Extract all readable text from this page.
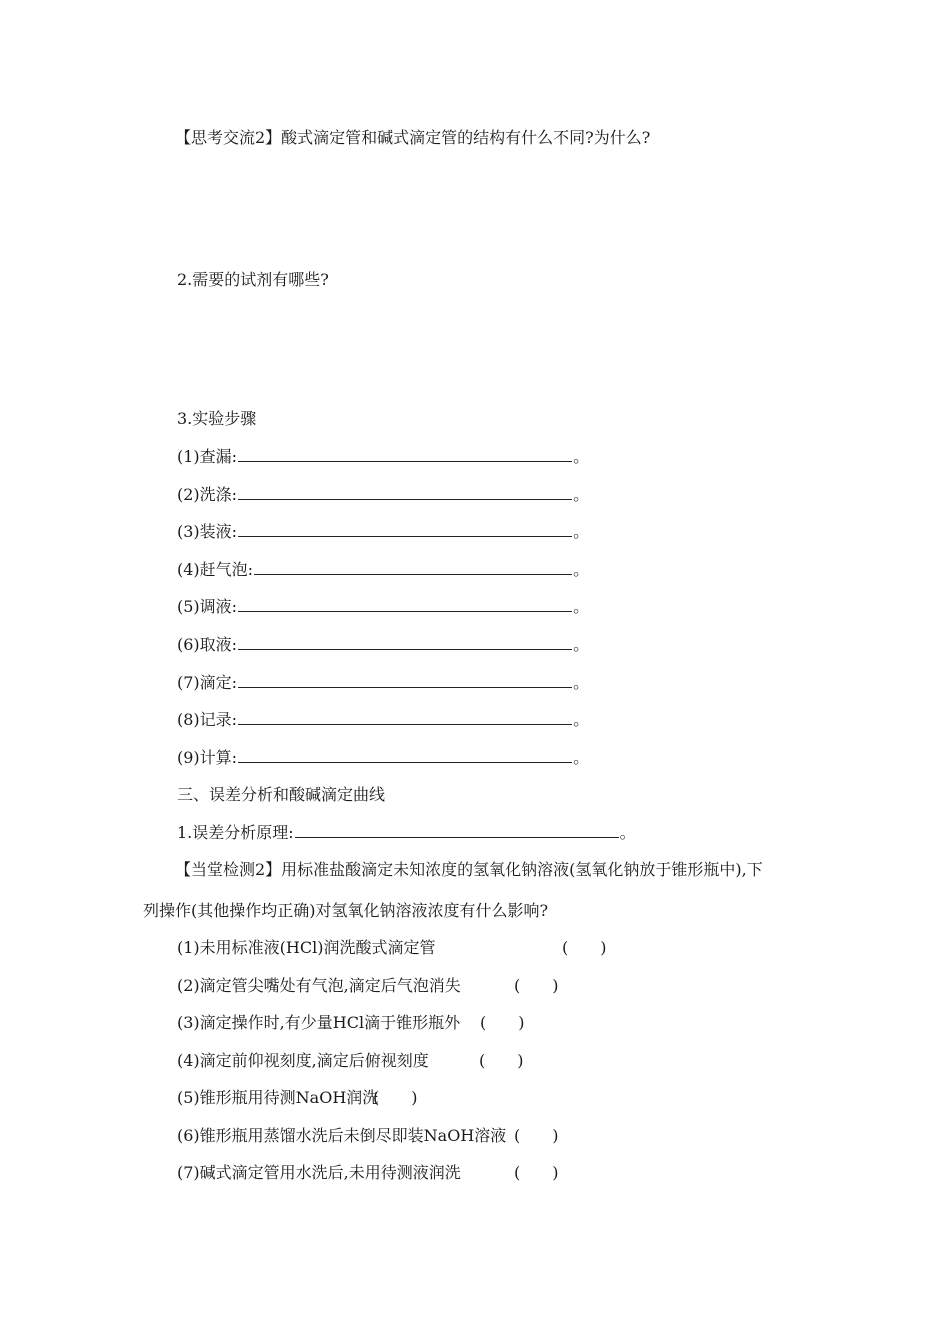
【思考交流2】酸式滴定管和碱式滴定管的结构有什么不同?为什么?
2.需要的试剂有哪些?
3.实验步骤
(1)查漏:	。
(2)洗涤:	。
(3)装液:	。
(4)赶气泡:	。
(5)调液:	。
(6)取液:	。
(7)滴定:	。
(8)记录:	。
(9)计算:	。
三、误差分析和酸碱滴定曲线
1.误差分析原理:	。
【当堂检测2】用标准盐酸滴定未知浓度的氢氧化钠溶液(氢氧化钠放于锥形瓶中),下
列操作(其他操作均正确)对氢氧化钠溶液浓度有什么影响?
(1)未用标准液(HCl)润洗酸式滴定管	(　　)
(2)滴定管尖嘴处有气泡,滴定后气泡消失	(　　)
(3)滴定操作时,有少量HCl滴于锥形瓶外 (　　)
(4)滴定前仰视刻度,滴定后俯视刻度	(　　)
(5)锥形瓶用待测NaOH润洗
(　　)
(6)锥形瓶用蒸馏水洗后未倒尽即装NaOH溶液 (　　)
(7)碱式滴定管用水洗后,未用待测液润洗	(　　)
